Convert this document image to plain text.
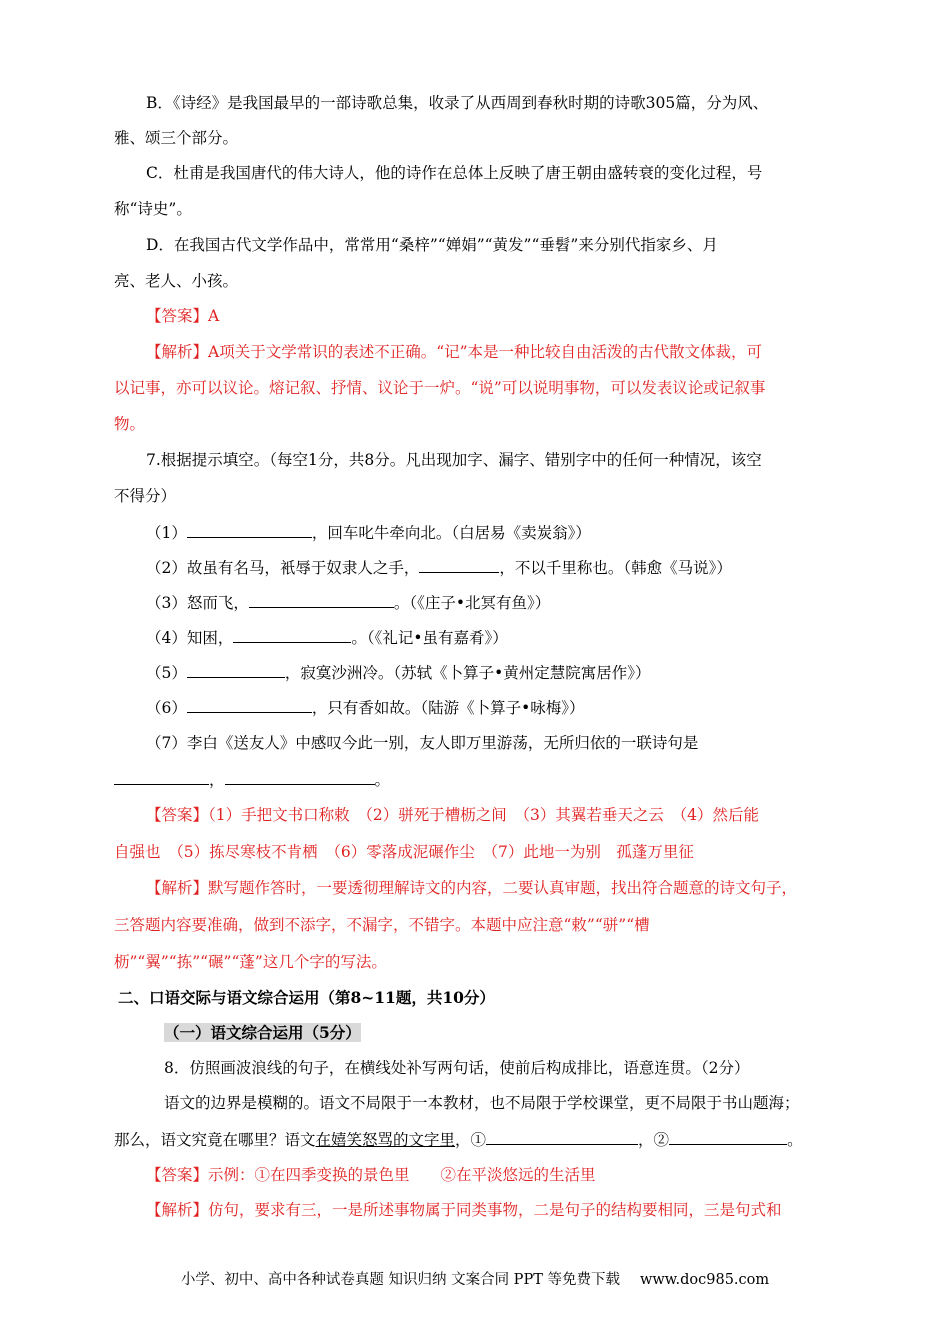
B．《诗经》是我国最早的一部诗歌总集，收录了从西周到春秋时期的诗歌305篇，分为风、
雅、颂三个部分。
C．杜甫是我国唐代的伟大诗人，他的诗作在总体上反映了唐王朝由盛转衰的变化过程，号
称“诗史”。
D．在我国古代文学作品中，常常用“桑梓”“婵娟”“黄发”“垂髫”来分别代指家乡、月
亮、老人、小孩。
【答案】A
【解析】A项关于文学常识的表述不正确。“记”本是一种比较自由活泼的古代散文体裁，可
以记事，亦可以议论。熔记叙、抒情、议论于一炉。“说”可以说明事物，可以发表议论或记叙事
物。
7.根据提示填空。（每空1分，共8分。凡出现加字、漏字、错别字中的任何一种情况，该空
不得分）
（1）	，回车叱牛牵向北。（白居易《卖炭翁》）
（2）故虽有名马，衹辱于奴隶人之手，	，不以千里称也。（韩愈《马说》）
（3）怒而飞，	。（《庄子•北冥有鱼》）
（4）知困，	。（《礼记•虽有嘉肴》）
（5）	，寂寞沙洲冷。（苏轼《卜算子•黄州定慧院寓居作》）
（6）	，只有香如故。（陆游《卜算子•咏梅》）
（7）李白《送友人》中感叹今此一别，友人即万里游荡，无所归依的一联诗句是
，	。
【答案】（1）手把文书口称敕　（2）骈死于槽枥之间　（3）其翼若垂天之云　（4）然后能
自强也　（5）拣尽寒枝不肯栖　（6）零落成泥碾作尘　（7）此地一为别　孤蓬万里征
【解析】默写题作答时，一要透彻理解诗文的内容，二要认真审题，找出符合题意的诗文句子，
三答题内容要准确，做到不添字，不漏字，不错字。本题中应注意“敕”“骈”“槽
枥”“翼”“拣”“碾”“蓬”这几个字的写法。
二、口语交际与语文综合运用（第8~11题，共10分）
（一）语文综合运用（5分）
8．仿照画波浪线的句子，在横线处补写两句话，使前后构成排比，语意连贯。（2分）
语文的边界是模糊的。语文不局限于一本教材，也不局限于学校课堂，更不局限于书山题海；
那么，语文究竟在哪里？语文在嬉笑怒骂的文字里，①	，②	。
【答案】示例：①在四季变换的景色里　　②在平淡悠远的生活里
【解析】仿句，要求有三，一是所述事物属于同类事物，二是句子的结构要相同，三是句式和
小学、初中、高中各种试卷真题 知识归纳 文案合同 PPT 等免费下载 www.doc985.com
